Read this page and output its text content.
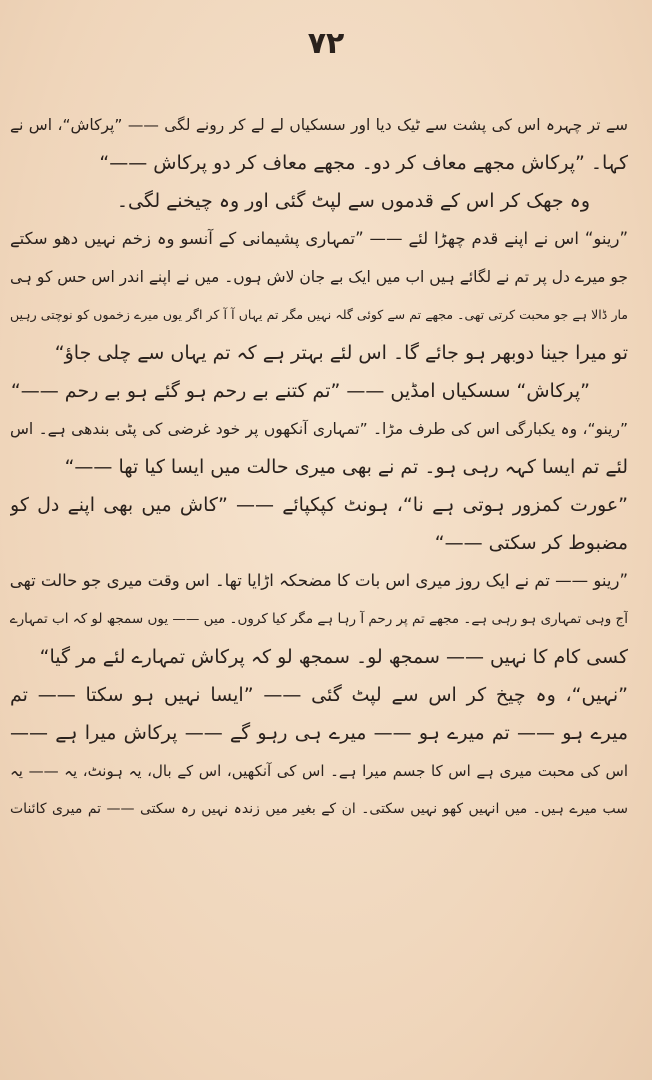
۷۲
سے تر چہرہ اس کی پشت سے ٹیک دیا اور سسکیاں لے لے کر رونے لگی —— ”پرکاش“، اس نے
کہا۔ ”پرکاش مجھے معاف کر دو۔ مجھے معاف کر دو پرکاش ——“
وہ جھک کر اس کے قدموں سے لپٹ گئی اور وہ چیخنے لگی۔
”رینو“ اس نے اپنے قدم چھڑا لئے —— ”تمہاری پشیمانی کے آنسو وہ زخم نہیں دھو سکتے
جو میرے دل پر تم نے لگائے ہیں اب میں ایک بے جان لاش ہوں۔ میں نے اپنے اندر اس حس کو ہی
مار ڈالا ہے جو محبت کرتی تھی۔ مجھے تم سے کوئی گلہ نہیں مگر تم یہاں آ آ کر اگر یوں میرے زخموں کو نوچتی رہیں
تو میرا جینا دوبھر ہو جائے گا۔ اس لئے بہتر ہے کہ تم یہاں سے چلی جاؤ“
”پرکاش“ سسکیاں امڈیں —— ”تم کتنے بے رحم ہو گئے ہو بے رحم ——“
”رینو“، وہ یکبارگی اس کی طرف مڑا۔ ”تمہاری آنکھوں پر خود غرضی کی پٹی بندھی ہے۔ اس
لئے تم ایسا کہہ رہی ہو۔ تم نے بھی میری حالت میں ایسا کیا تھا ——“
”عورت کمزور ہوتی ہے نا“، ہونٹ کپکپائے —— ”کاش میں بھی اپنے دل کو
مضبوط کر سکتی ——“
”رینو —— تم نے ایک روز میری اس بات کا مضحکہ اڑایا تھا۔ اس وقت میری جو حالت تھی
آج وہی تمہاری ہو رہی ہے۔ مجھے تم پر رحم آ رہا ہے مگر کیا کروں۔ میں —— یوں سمجھ لو کہ اب تمہارے
کسی کام کا نہیں —— سمجھ لو۔ سمجھ لو کہ پرکاش تمہارے لئے مر گیا“
”نہیں“، وہ چیخ کر اس سے لپٹ گئی —— ”ایسا نہیں ہو سکتا —— تم
میرے ہو —— تم میرے ہو —— میرے ہی رہو گے —— پرکاش میرا ہے ——
اس کی محبت میری ہے اس کا جسم میرا ہے۔ اس کی آنکھیں، اس کے بال، یہ ہونٹ، یہ —— یہ
سب میرے ہیں۔ میں انہیں کھو نہیں سکتی۔ ان کے بغیر میں زندہ نہیں رہ سکتی —— تم میری کائنات
